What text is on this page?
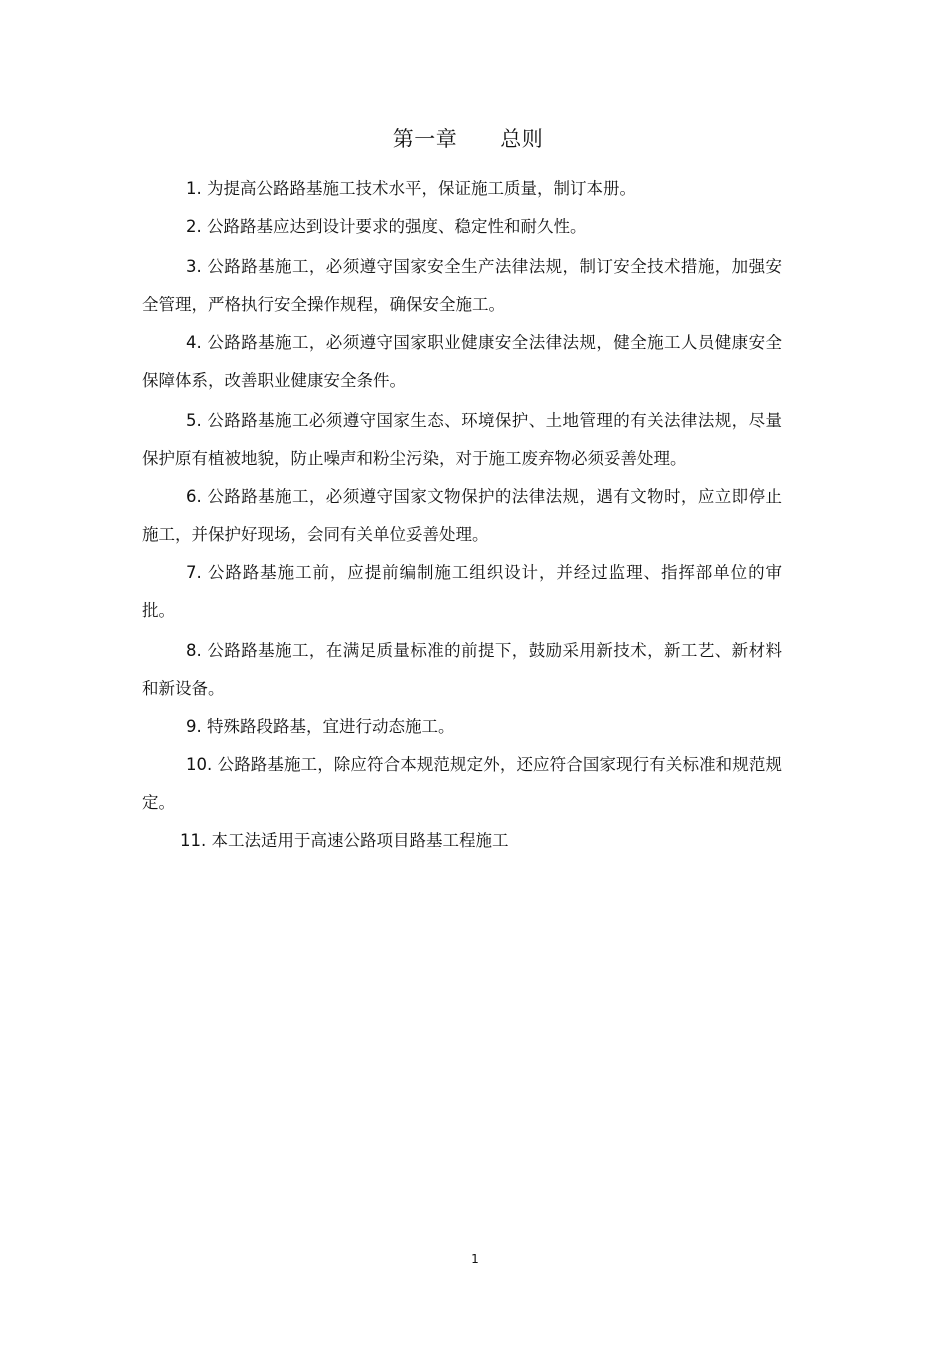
第一章      总则

1. 为提高公路路基施工技术水平，保证施工质量，制订本册。

2. 公路路基应达到设计要求的强度、稳定性和耐久性。

3. 公路路基施工，必须遵守国家安全生产法律法规，制订安全技术措施，加强安全管理，严格执行安全操作规程，确保安全施工。

4. 公路路基施工，必须遵守国家职业健康安全法律法规，健全施工人员健康安全保障体系，改善职业健康安全条件。

5. 公路路基施工必须遵守国家生态、环境保护、土地管理的有关法律法规，尽量保护原有植被地貌，防止噪声和粉尘污染，对于施工废弃物必须妥善处理。

6. 公路路基施工，必须遵守国家文物保护的法律法规，遇有文物时，应立即停止施工，并保护好现场，会同有关单位妥善处理。

7. 公路路基施工前，应提前编制施工组织设计，并经过监理、指挥部单位的审批。

8. 公路路基施工，在满足质量标准的前提下，鼓励采用新技术，新工艺、新材料和新设备。

9. 特殊路段路基，宜进行动态施工。

10. 公路路基施工，除应符合本规范规定外，还应符合国家现行有关标准和规范规定。

11. 本工法适用于高速公路项目路基工程施工

1
